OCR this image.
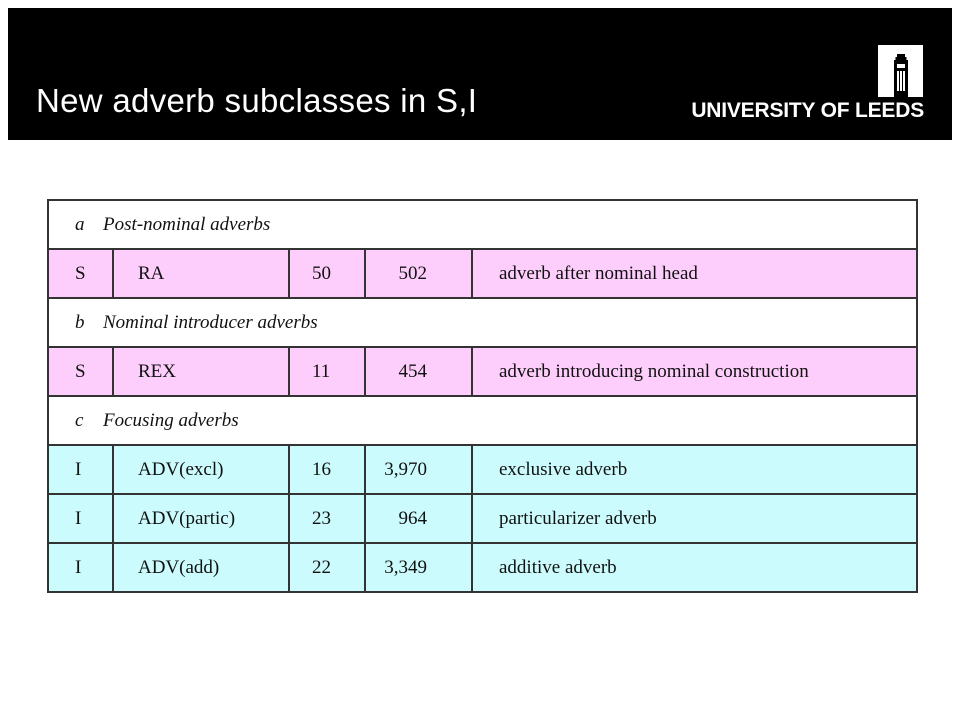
New adverb subclasses in S,I	UNIVERSITY OF LEEDS
a Post-nominal adverbs				
S	RA	50	502	adverb after nominal head
b Nominal introducer adverbs				
S	REX	11	454	adverb introducing nominal construction
c Focusing adverbs				
I	ADV(excl)	16	3,970	exclusive adverb
I	ADV(partic)	23	964	particularizer adverb
I	ADV(add)	22	3,349	additive adverb
